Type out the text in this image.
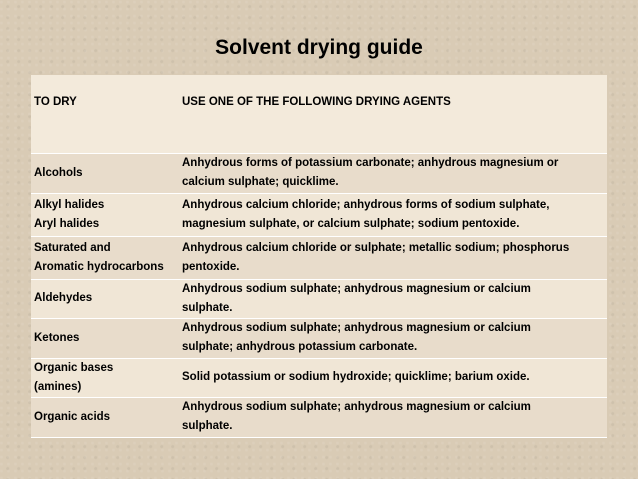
Solvent drying guide
TO DRY	USE ONE OF THE FOLLOWING DRYING AGENTS

Alcohols	Anhydrous forms of potassium carbonate; anhydrous magnesium or
calcium sulphate; quicklime.

Alkyl halides
Aryl halides	Anhydrous calcium chloride; anhydrous forms of sodium sulphate,
magnesium sulphate, or calcium sulphate; sodium pentoxide.

Saturated and
Aromatic hydrocarbons	Anhydrous calcium chloride or sulphate; metallic sodium; phosphorus
pentoxide.

Aldehydes	Anhydrous sodium sulphate; anhydrous magnesium or calcium
sulphate.

Ketones	Anhydrous sodium sulphate; anhydrous magnesium or calcium
sulphate; anhydrous potassium carbonate.

Organic bases
(amines)	Solid potassium or sodium hydroxide; quicklime; barium oxide.

Organic acids	Anhydrous sodium sulphate; anhydrous magnesium or calcium
sulphate.
